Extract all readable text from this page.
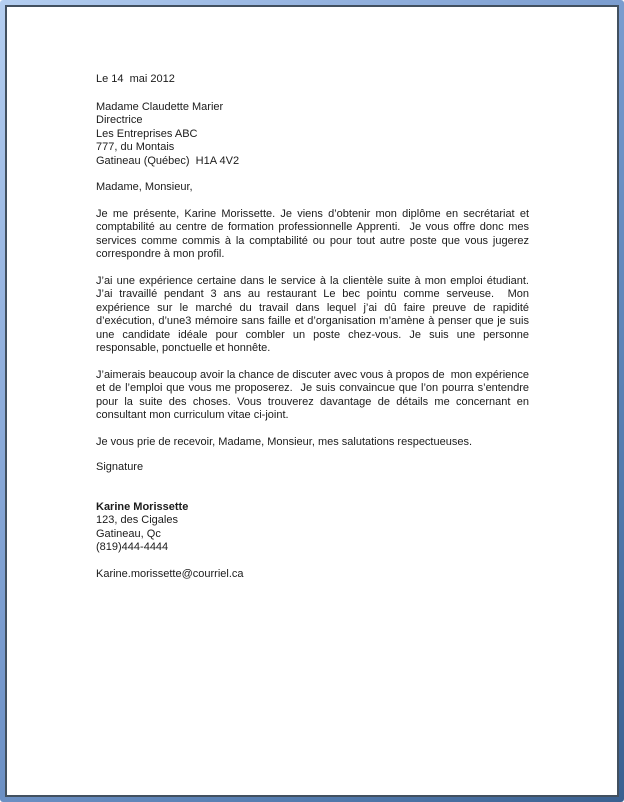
Le 14  mai 2012
Madame Claudette Marier
Directrice
Les Entreprises ABC
777, du Montais
Gatineau (Québec)  H1A 4V2
Madame, Monsieur,
Je me présente, Karine Morissette. Je viens d’obtenir mon diplôme en secrétariat et comptabilité au centre de formation professionnelle Apprenti.  Je vous offre donc mes services comme commis à la comptabilité ou pour tout autre poste que vous jugerez correspondre à mon profil.
J’ai une expérience certaine dans le service à la clientèle suite à mon emploi étudiant. J’ai travaillé pendant 3 ans au restaurant Le bec pointu comme serveuse.  Mon expérience sur le marché du travail dans lequel j’ai dû faire preuve de rapidité d’exécution, d’une3 mémoire sans faille et d’organisation m’amène à penser que je suis une candidate idéale pour combler un poste chez-vous. Je suis une personne responsable, ponctuelle et honnête.
J’aimerais beaucoup avoir la chance de discuter avec vous à propos de  mon expérience et de l’emploi que vous me proposerez.  Je suis convaincue que l’on pourra s’entendre pour la suite des choses. Vous trouverez davantage de détails me concernant en consultant mon curriculum vitae ci-joint.
Je vous prie de recevoir, Madame, Monsieur, mes salutations respectueuses.
Signature
Karine Morissette
123, des Cigales
Gatineau, Qc
(819)444-4444
Karine.morissette@courriel.ca
